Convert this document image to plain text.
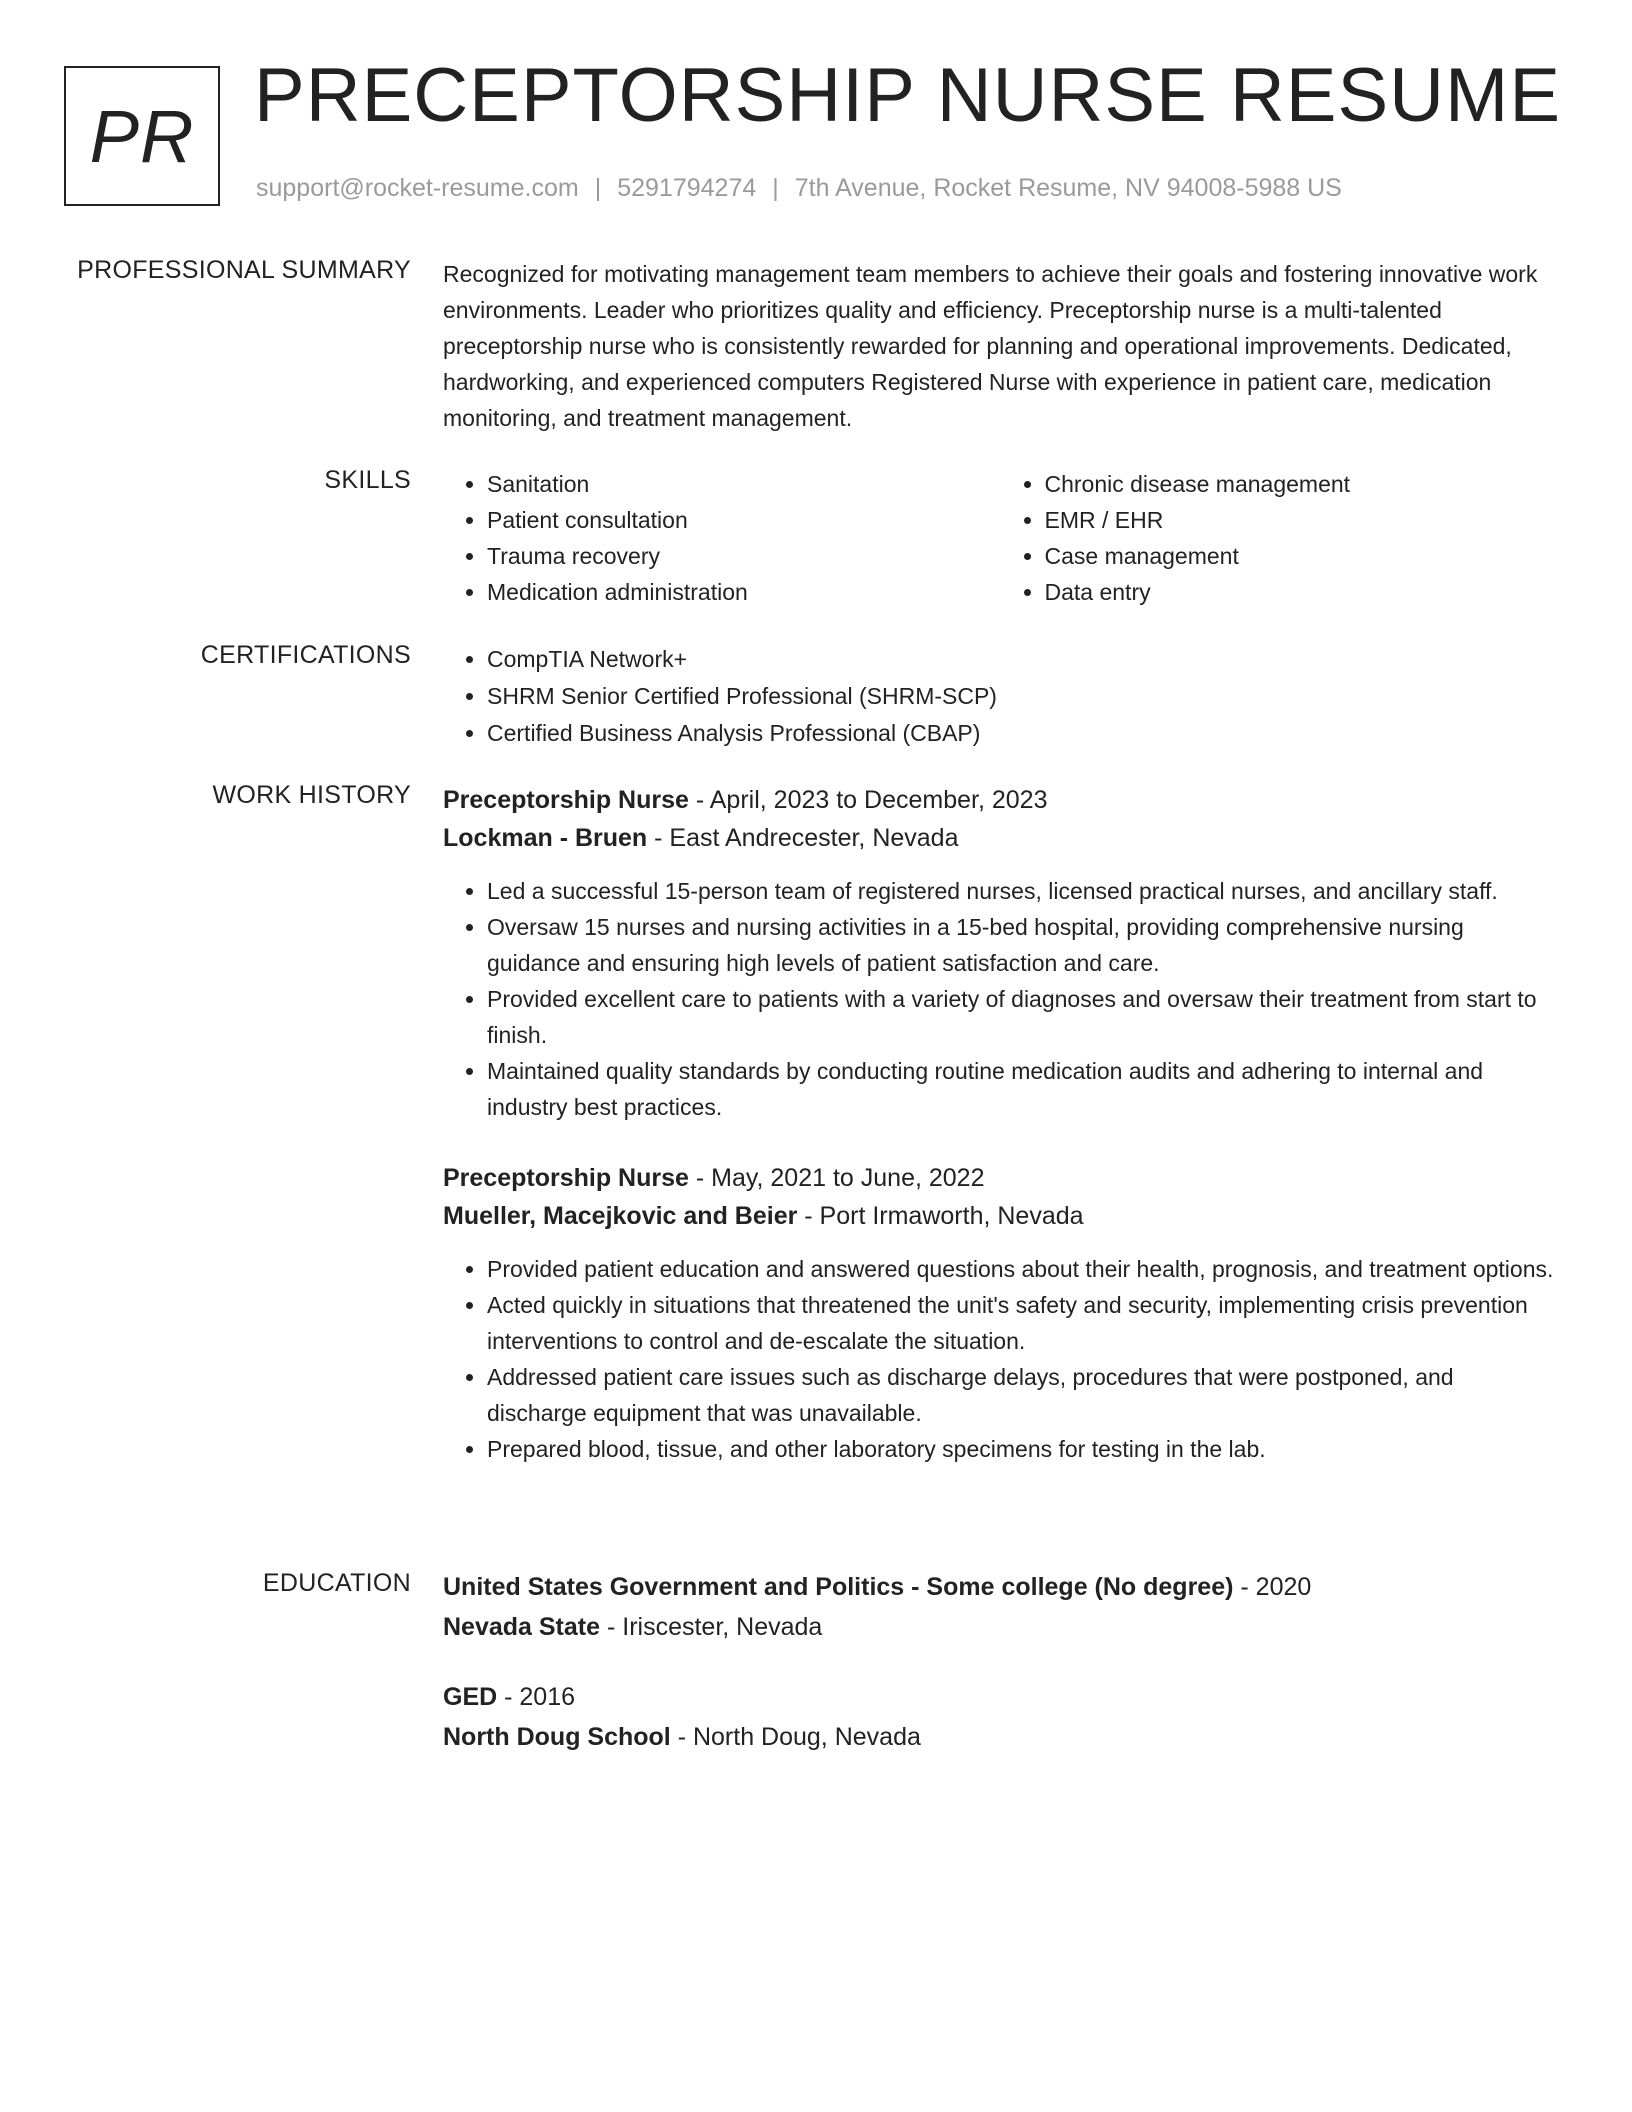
PR PRECEPTORSHIP NURSE RESUME
support@rocket-resume.com | 5291794274 | 7th Avenue, Rocket Resume, NV 94008-5988 US
PROFESSIONAL SUMMARY Recognized for motivating management team members to achieve their goals and fostering innovative work environments. Leader who prioritizes quality and efficiency. Preceptorship nurse is a multi-talented preceptorship nurse who is consistently rewarded for planning and operational improvements. Dedicated, hardworking, and experienced computers Registered Nurse with experience in patient care, medication monitoring, and treatment management.

SKILLS	• Sanitation
• Patient consultation
• Trauma recovery
• Medication administration
• Chronic disease management
• EMR / EHR
• Case management
• Data entry
CERTIFICATIONS	• CompTIA Network+
• SHRM Senior Certified Professional (SHRM-SCP)
• Certified Business Analysis Professional (CBAP)
WORK HISTORY Preceptorship Nurse - April, 2023 to December, 2023
Lockman - Bruen - East Andrecester, Nevada
• Led a successful 15-person team of registered nurses, licensed practical nurses, and ancillary staff.
• Oversaw 15 nurses and nursing activities in a 15-bed hospital, providing comprehensive nursing guidance and ensuring high levels of patient satisfaction and care.
• Provided excellent care to patients with a variety of diagnoses and oversaw their treatment from start to finish.
• Maintained quality standards by conducting routine medication audits and adhering to internal and industry best practices.
Preceptorship Nurse - May, 2021 to June, 2022
Mueller, Macejkovic and Beier - Port Irmaworth, Nevada
• Provided patient education and answered questions about their health, prognosis, and treatment options.
• Acted quickly in situations that threatened the unit's safety and security, implementing crisis prevention interventions to control and de-escalate the situation.
• Addressed patient care issues such as discharge delays, procedures that were postponed, and discharge equipment that was unavailable.
• Prepared blood, tissue, and other laboratory specimens for testing in the lab.
EDUCATION United States Government and Politics - Some college (No degree) - 2020
Nevada State - Iriscester, Nevada
GED - 2016
North Doug School - North Doug, Nevada
